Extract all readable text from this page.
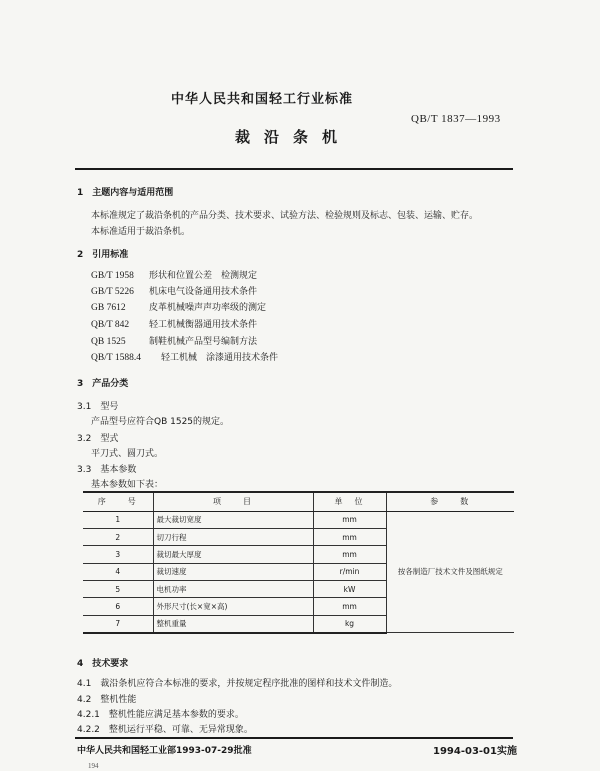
中华人民共和国轻工行业标准
QB/T 1837—1993
裁沿条机
1　主题内容与适用范围
本标准规定了裁沿条机的产品分类、技术要求、试验方法、检验规则及标志、包装、运输、贮存。
本标准适用于裁沿条机。
2　引用标准
GB/T 1958 形状和位置公差　检测规定
GB/T 5226 机床电气设备通用技术条件
GB 7612	皮革机械噪声声功率级的测定
QB/T 842 轻工机械衡器通用技术条件
QB 1525	制鞋机械产品型号编制方法
QB/T 1588.4 轻工机械　涂漆通用技术条件
3　产品分类
3.1　型号
产品型号应符合QB 1525的规定。
3.2　型式
平刀式、圆刀式。
3.3　基本参数
基本参数如下表：
序　　号	项　　目	单　位	参　　数
1	最大裁切宽度	mm	按各制造厂技术文件及图纸规定
2	切刀行程	mm	
3	裁切最大厚度	mm	
4	裁切速度	r/min	
5	电机功率	kW	
6	外形尺寸(长×宽×高)	mm	
7	整机重量	kg	
4　技术要求
4.1　裁沿条机应符合本标准的要求，并按规定程序批准的图样和技术文件制造。
4.2　整机性能
4.2.1　整机性能应满足基本参数的要求。
4.2.2　整机运行平稳、可靠、无异常现象。
中华人民共和国轻工业部1993-07-29批准	1994-03-01实施
194
